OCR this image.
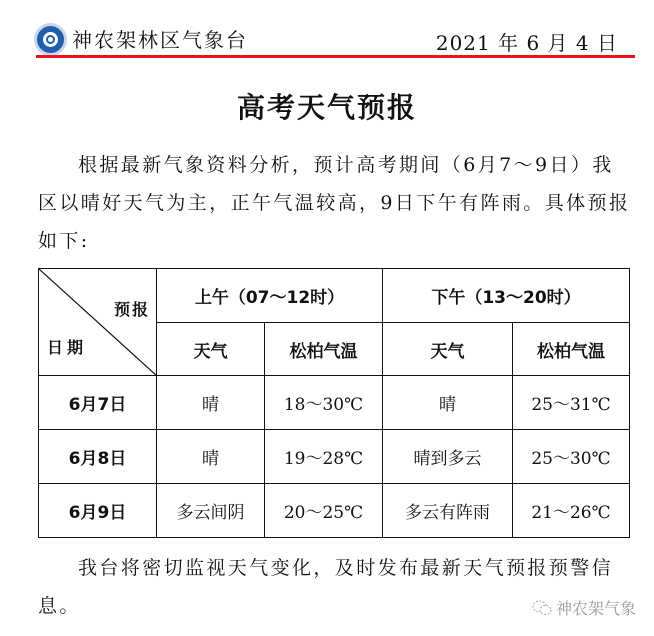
神农架林区气象台	2021 年 6 月 4 日
高考天气预报
根据最新气象资料分析，预计高考期间（6月7～9日）我区以晴好天气为主，正午气温较高，9日下午有阵雨。具体预报如下:
预报
日期	上午（07～12时）		下午（13～20时）	
	天气	松柏气温	天气	松柏气温
6月7日	晴	18～30℃	晴	25～31℃
6月8日	晴	19～28℃	晴到多云	25～30℃
6月9日	多云间阴	20～25℃	多云有阵雨	21～26℃
我台将密切监视天气变化，及时发布最新天气预报预警信息。	神农架气象
